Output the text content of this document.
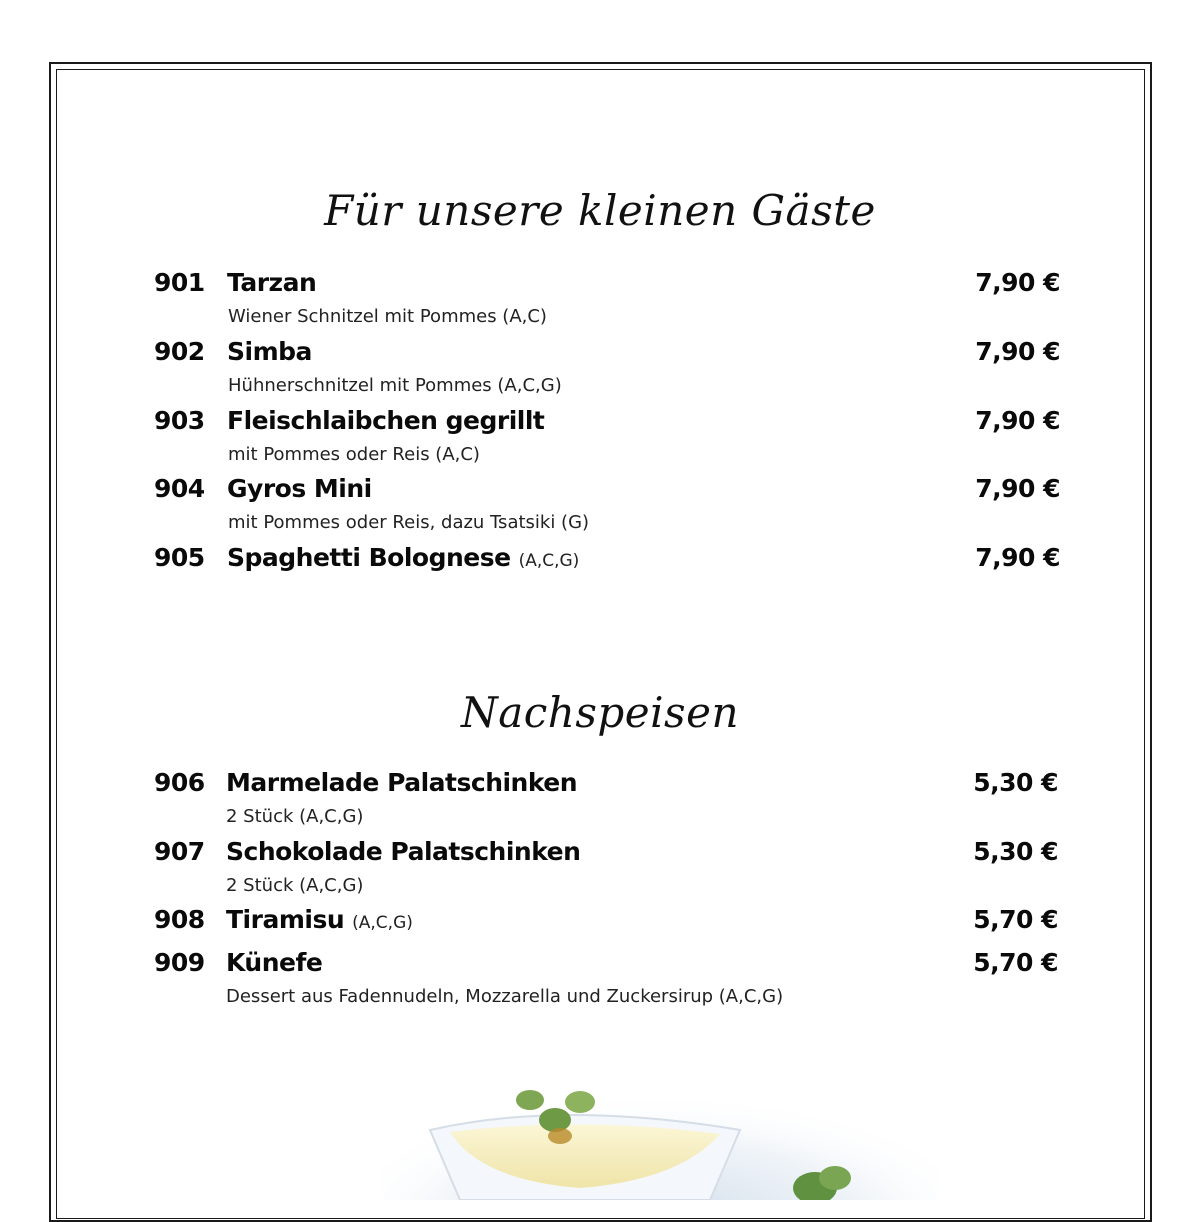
Für unsere kleinen Gäste
901 Tarzan	7,90 €
Wiener Schnitzel mit Pommes (A,C)
902 Simba	7,90 €
Hühnerschnitzel mit Pommes (A,C,G)
903 Fleischlaibchen gegrillt	7,90 €
mit Pommes oder Reis (A,C)
904 Gyros Mini	7,90 €
mit Pommes oder Reis, dazu Tsatsiki (G)
905 Spaghetti Bolognese (A,C,G)	7,90 €
Nachspeisen
906 Marmelade Palatschinken	5,30 €
2 Stück (A,C,G)
907 Schokolade Palatschinken	5,30 €
2 Stück (A,C,G)
908 Tiramisu (A,C,G)	5,70 €
909 Künefe	5,70 €
Dessert aus Fadennudeln, Mozzarella und Zuckersirup (A,C,G)
